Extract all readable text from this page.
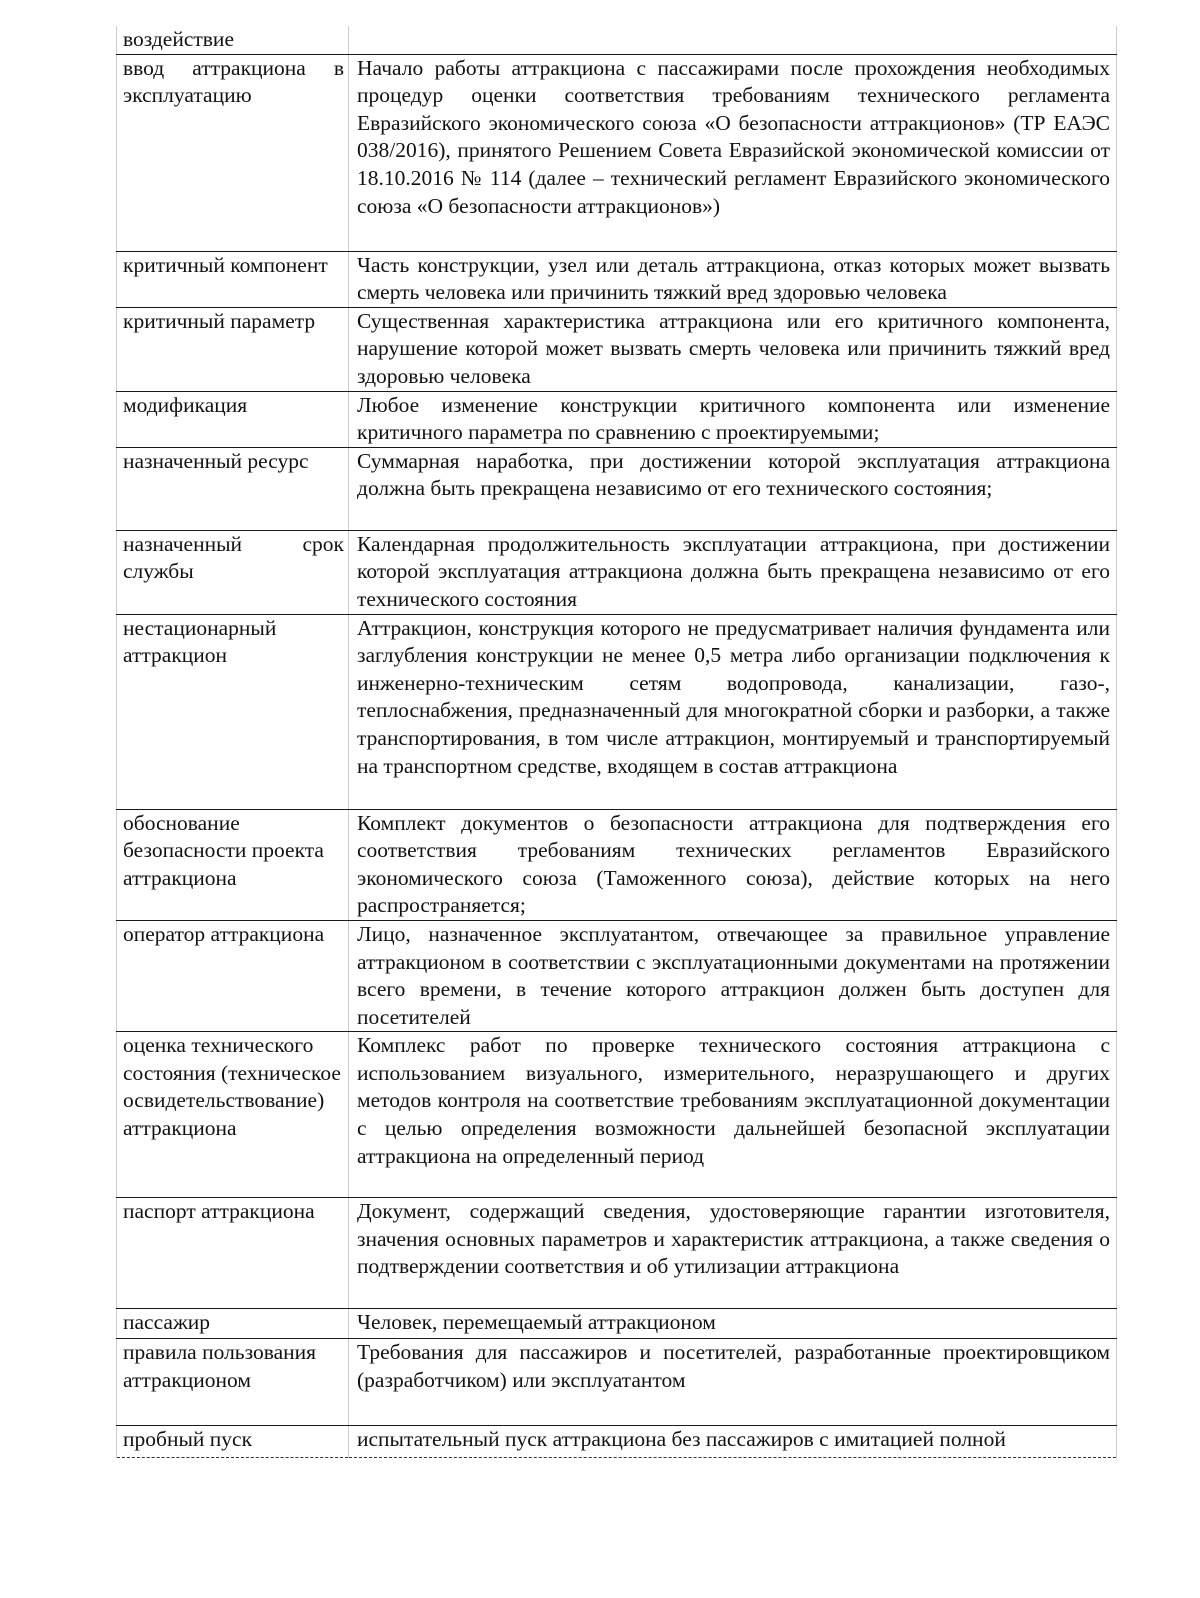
воздействие	
ввод аттракциона в эксплуатацию	Начало работы аттракциона с пассажирами после прохождения необходимых процедур оценки соответствия требованиям технического регламента Евразийского экономического союза «О безопасности аттракционов» (ТР ЕАЭС 038/2016), принятого Решением Совета Евразийской экономической комиссии от 18.10.2016 № 114 (далее – технический регламент Евразийского экономического союза «О безопасности аттракционов»)
критичный компонент	Часть конструкции, узел или деталь аттракциона, отказ которых может вызвать смерть человека или причинить тяжкий вред здоровью человека
критичный параметр	Существенная характеристика аттракциона или его критичного компонента, нарушение которой может вызвать смерть человека или причинить тяжкий вред здоровью человека
модификация	Любое изменение конструкции критичного компонента или изменение критичного параметра по сравнению с проектируемыми;
назначенный ресурс	Суммарная наработка, при достижении которой эксплуатация аттракциона должна быть прекращена независимо от его технического состояния;
назначенный срок службы	Календарная продолжительность эксплуатации аттракциона, при достижении которой эксплуатация аттракциона должна быть прекращена независимо от его технического состояния
нестационарный аттракцион	Аттракцион, конструкция которого не предусматривает наличия фундамента или заглубления конструкции не менее 0,5 метра либо организации подключения к инженерно-техническим сетям водопровода, канализации, газо-, теплоснабжения, предназначенный для многократной сборки и разборки, а также транспортирования, в том числе аттракцион, монтируемый и транспортируемый на транспортном средстве, входящем в состав аттракциона
обоснование безопасности проекта аттракциона	Комплект документов о безопасности аттракциона для подтверждения его соответствия требованиям технических регламентов Евразийского экономического союза (Таможенного союза), действие которых на него распространяется;
оператор аттракциона	Лицо, назначенное эксплуатантом, отвечающее за правильное управление аттракционом в соответствии с эксплуатационными документами на протяжении всего времени, в течение которого аттракцион должен быть доступен для посетителей
оценка технического состояния (техническое освидетельствование) аттракциона	Комплекс работ по проверке технического состояния аттракциона с использованием визуального, измерительного, неразрушающего и других методов контроля на соответствие требованиям эксплуатационной документации с целью определения возможности дальнейшей безопасной эксплуатации аттракциона на определенный период
паспорт аттракциона	Документ, содержащий сведения, удостоверяющие гарантии изготовителя, значения основных параметров и характеристик аттракциона, а также сведения о подтверждении соответствия и об утилизации аттракциона
пассажир	Человек, перемещаемый аттракционом
правила пользования аттракционом	Требования для пассажиров и посетителей, разработанные проектировщиком (разработчиком) или эксплуатантом
пробный пуск	испытательный пуск аттракциона без пассажиров с имитацией полной
